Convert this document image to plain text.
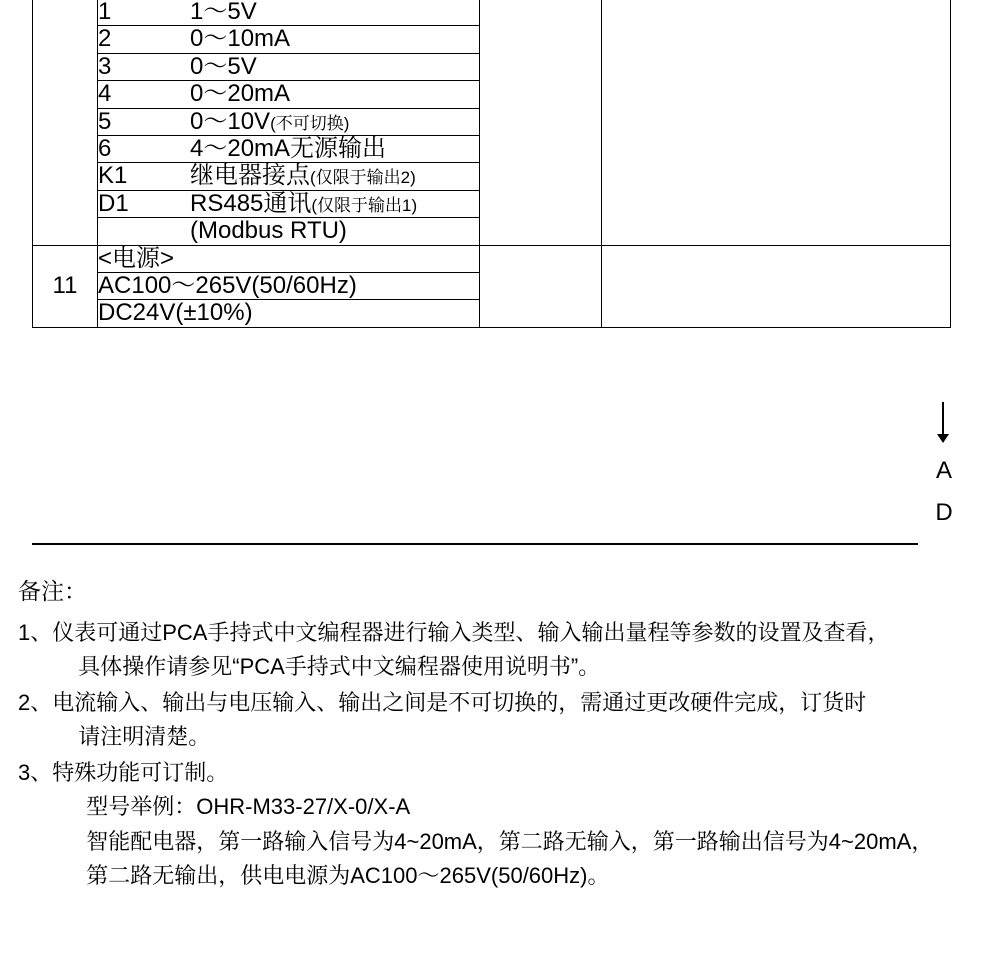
1	1～5V
2	0～10mA
3	0～5V
4	0～20mA
5	0～10V(不可切换)
6	4～20mA无源输出
K1	继电器接点(仅限于输出2)
D1	RS485通讯(仅限于输出1)
	(Modbus RTU)

11	<电源>		
AC100～265V(50/60Hz)
DC24V(±10%)
A
D
备注：
1、 仪表可通过PCA手持式中文编程器进行输入类型、输入输出量程等参数的设置及查看，
具体操作请参见“PCA手持式中文编程器使用说明书”。
2、 电流输入、输出与电压输入、输出之间是不可切换的，需通过更改硬件完成，订货时
请注明清楚。
3、 特殊功能可订制。
型号举例：OHR-M33-27/X-0/X-A
智能配电器，第一路输入信号为4~20mA，第二路无输入，第一路输出信号为4~20mA，
第二路无输出，供电电源为AC100～265V(50/60Hz)。
